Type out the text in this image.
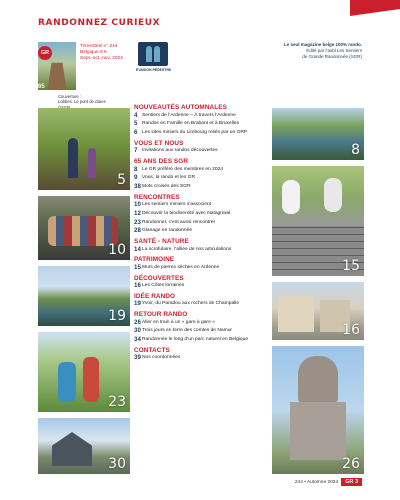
RANDONNEZ CURIEUX
GR
65
Trimestriel n° 244
Belgique 9 €
Sept.-oct.-nov. 2024
ÉVASION PÉDESTRE
Le seul magazine belge 100% rando.
Édité par l’asbl Les Sentiers
de Grande Randonnée (SGR)
Couverture :
Lobbes. Le pont de claies
5
10
19
23
30
NOUVEAUTÉS AUTOMNALES
4 Sentiers de l’Ardenne – À travers l’Ardenne
5 Randos en Famille en Brabant et à Bruxelles
6 Les sites miniers du Limbourg reliés par un GRP
VOUS ET NOUS
7 Invitations aux randos découvertes
65 ANS DES SGR
8 Le GR préféré des membres en 2024
9 Vous, la rando et les GR
38 Mots croisés des SGR
RENCONTRES
10 Les sentiers miniers s’associent
12 Découvrir la biodiversité avec Natagriwal
23 Randonner, c’est aussi rencontrer
28 Glanage en randonnée
SANTÉ - NATURE
14 La scrofulaire, l’alliée de nos articulations
PATRIMOINE
15 Murs de pierres sèches en Ardenne
DÉCOUVERTES
16 Les Côtes lorraines
IDÉE RANDO
19 Yvoir, du Paradou aux rochers de Champalle
RETOUR RANDO
26 Aller en train à un « gare à gare »
30 Trois jours en terre des comtes de Namur
34 Randonnée le long d’un parc naturel en Belgique
CONTACTS
39 Nos coordonnées
8
15
16
26
244 • Automne 2024	GR 3
